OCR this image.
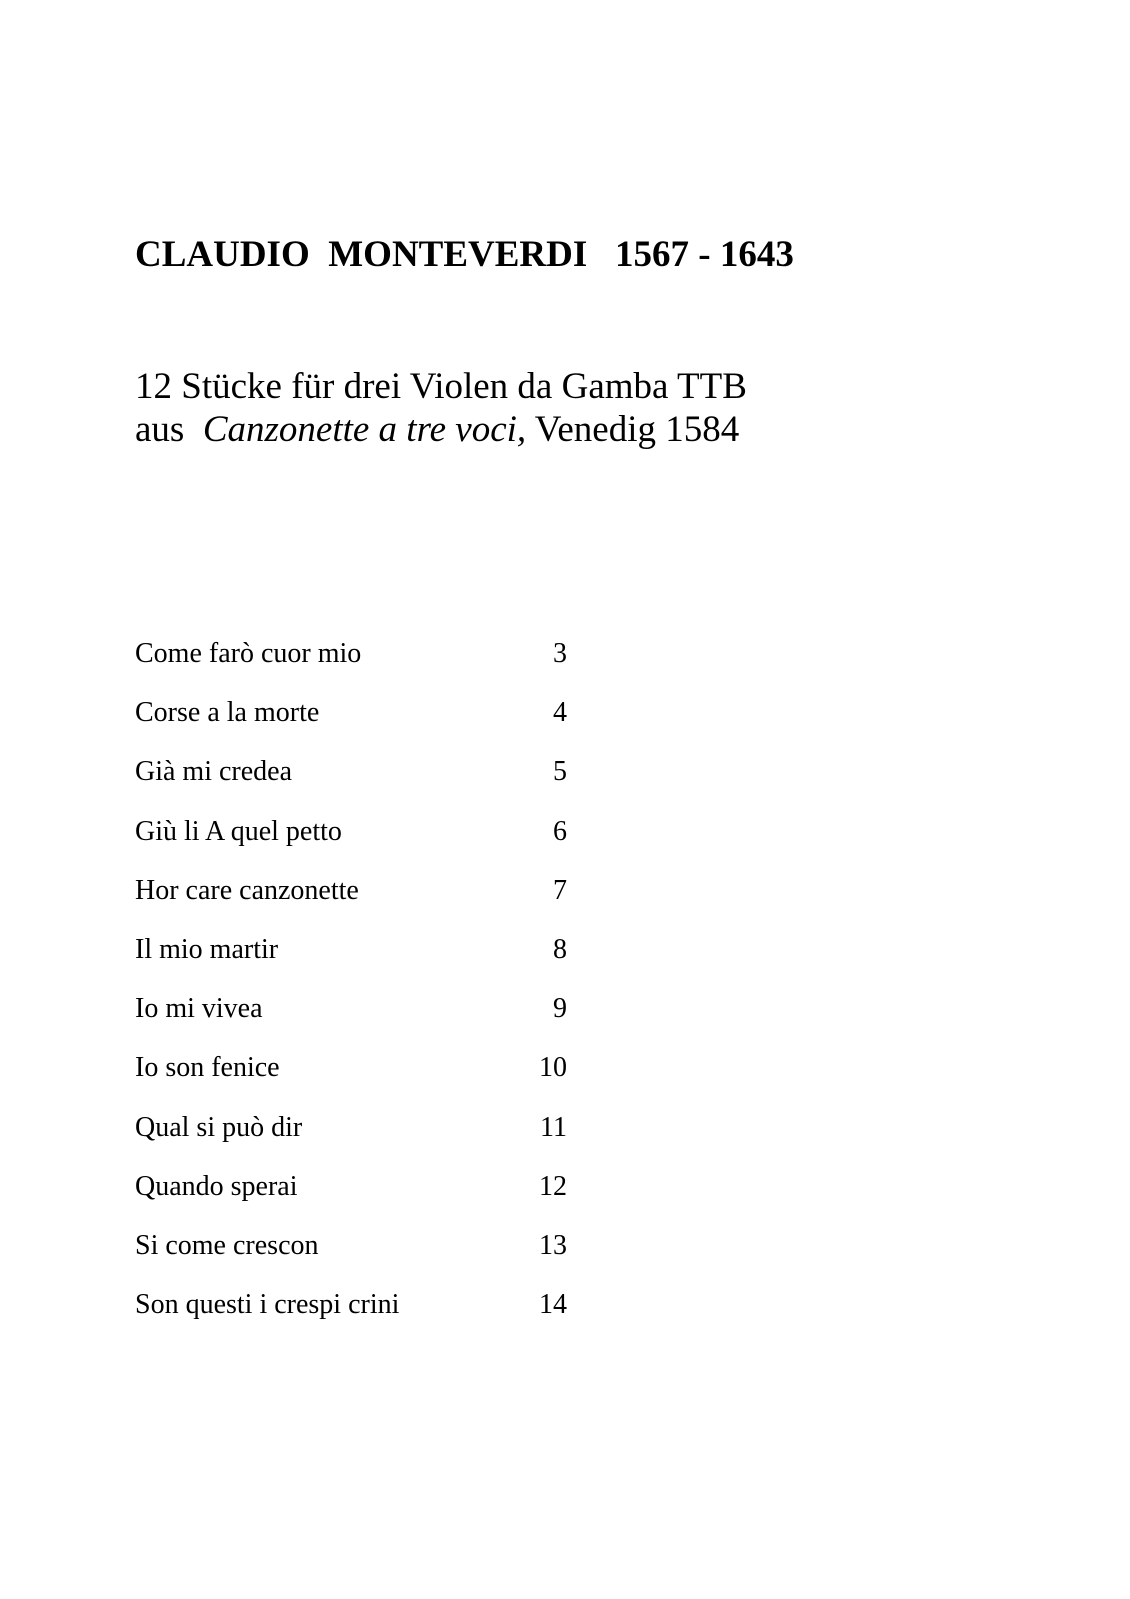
CLAUDIO  MONTEVERDI   1567 - 1643
12 Stücke für drei Violen da Gamba TTB
aus  Canzonette a tre voci, Venedig 1584
Come farò cuor mio	3
Corse a la morte	4
Già mi credea	5
Giù li A quel petto	6
Hor care canzonette	7
Il mio martir	8
Io mi vivea	9
Io son fenice	10
Qual si può dir	11
Quando sperai	12
Si come crescon	13
Son questi i crespi crini	14
